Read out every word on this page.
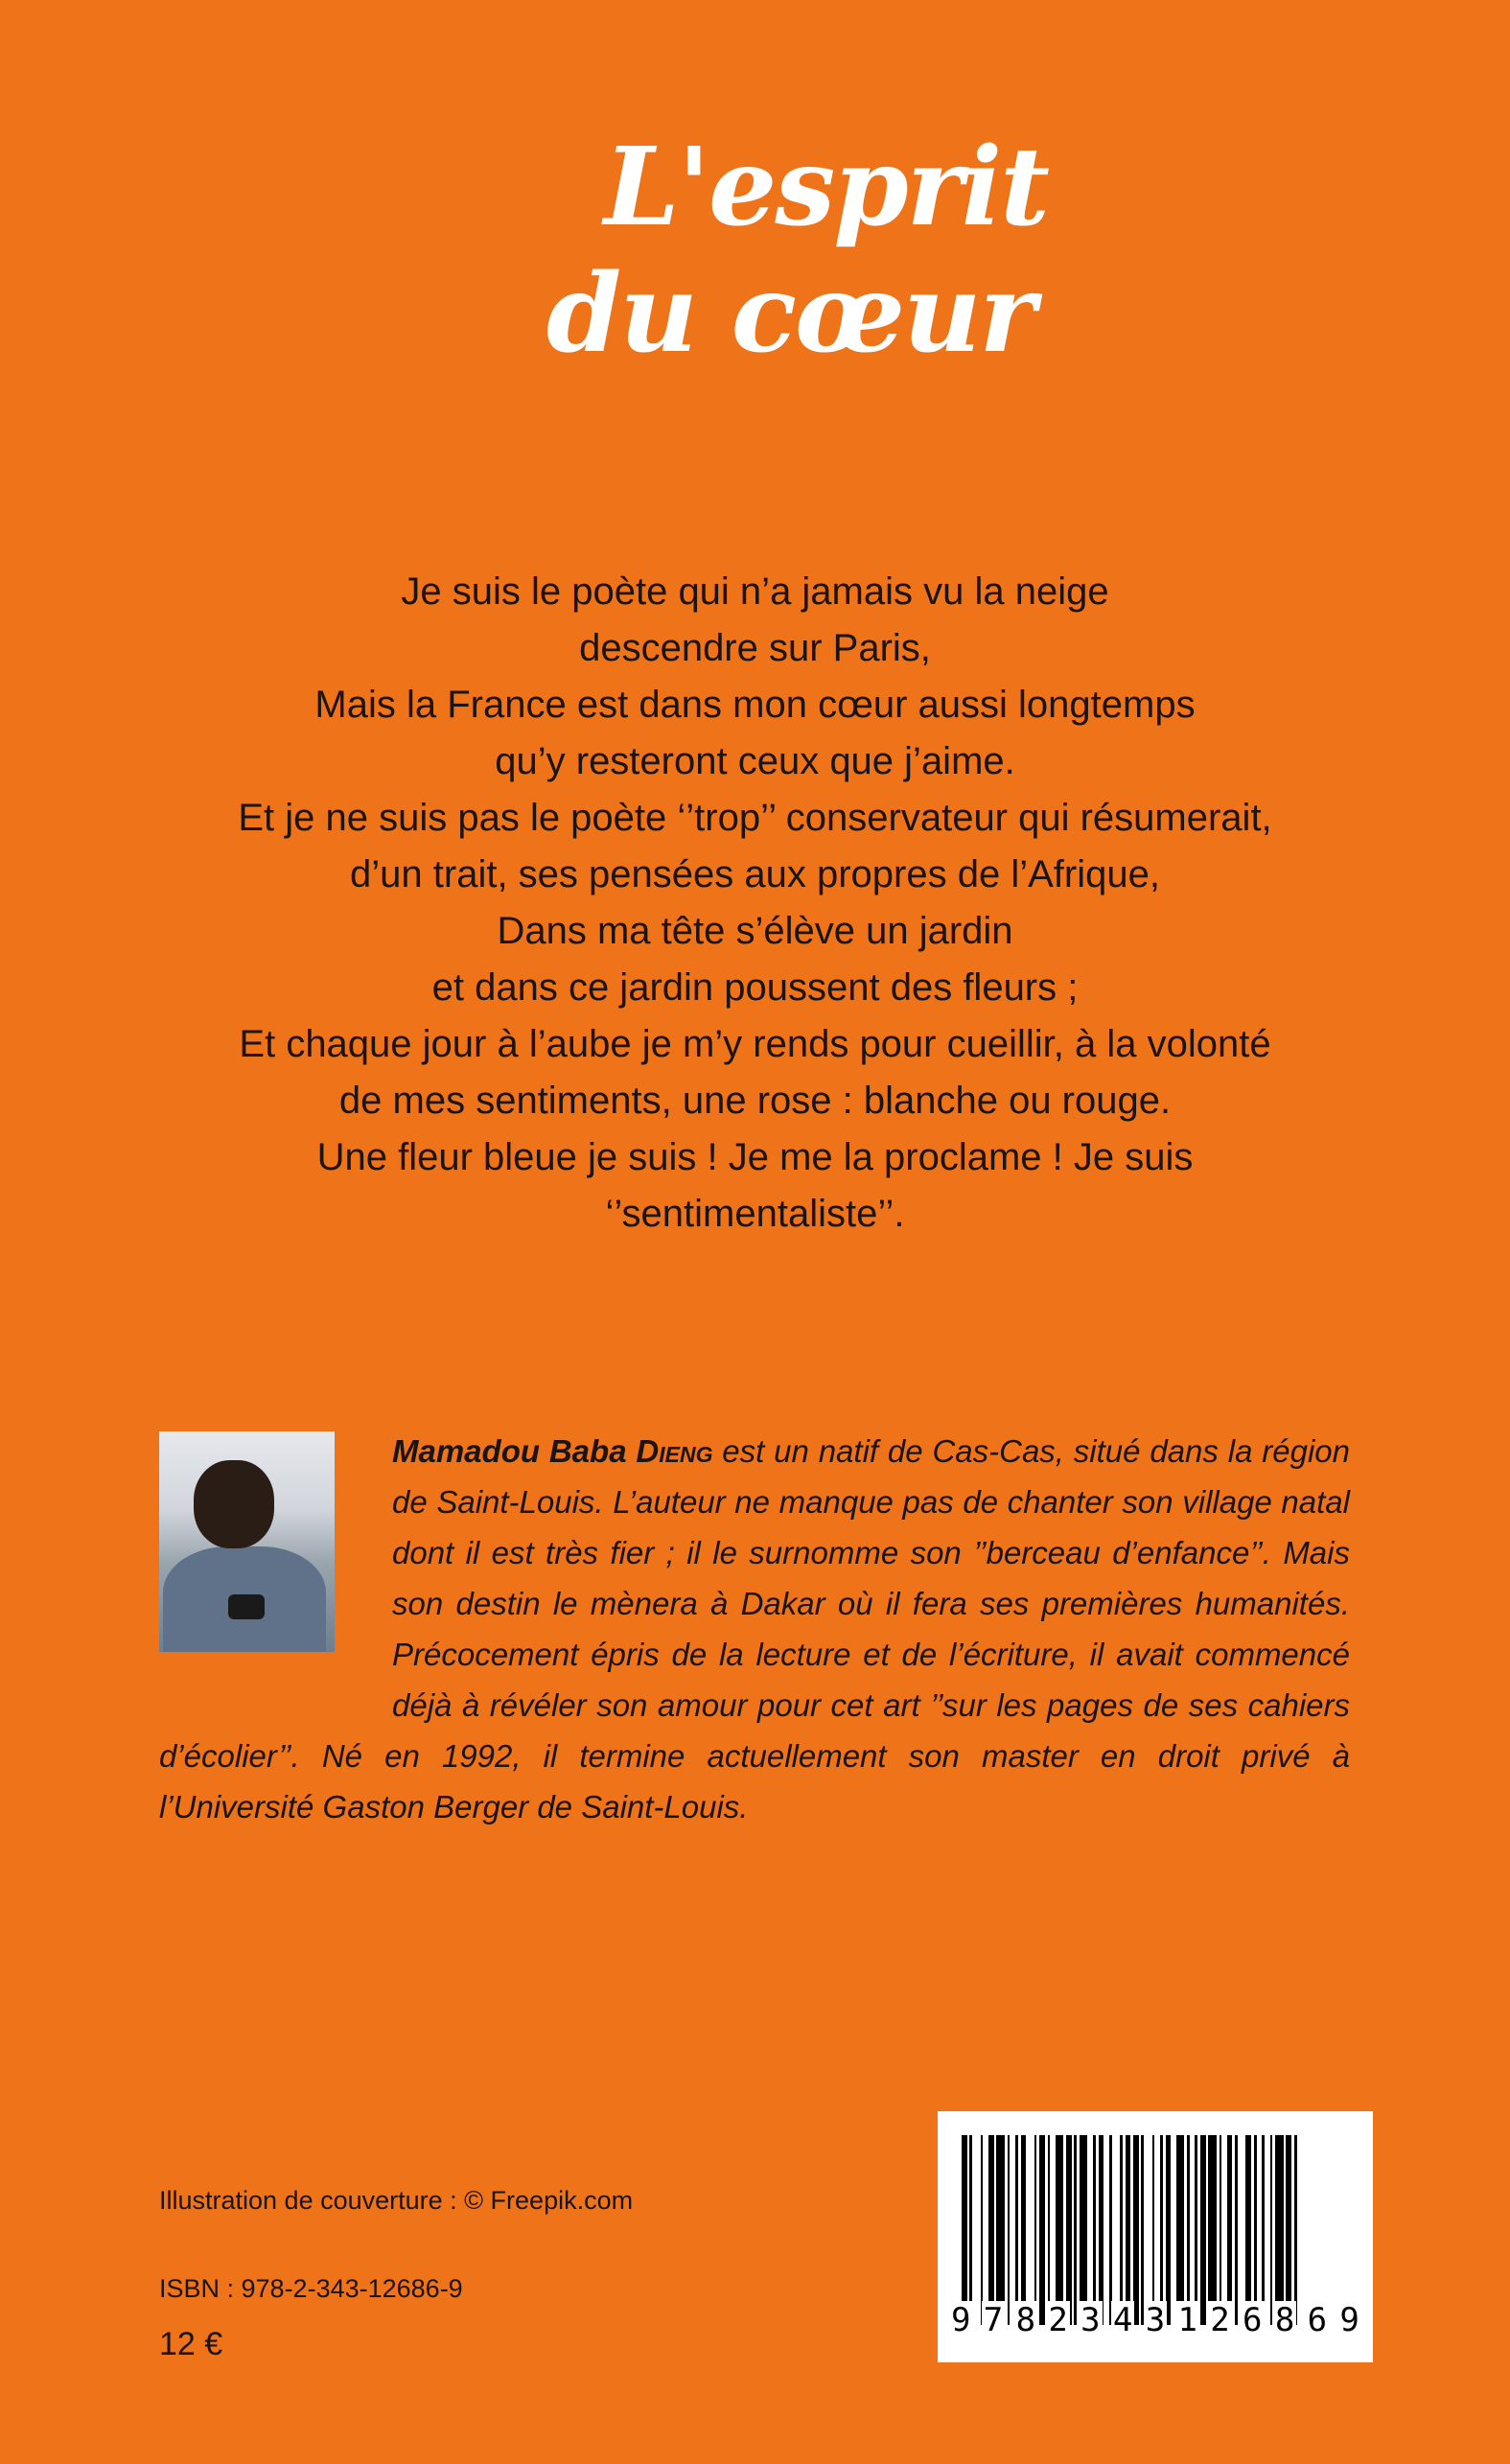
L'esprit
du cœur
Je suis le poète qui n’a jamais vu la neige
descendre sur Paris,
Mais la France est dans mon cœur aussi longtemps
qu’y resteront ceux que j’aime.
Et je ne suis pas le poète ‘’trop’’ conservateur qui résumerait,
d’un trait, ses pensées aux propres de l’Afrique,
Dans ma tête s’élève un jardin
et dans ce jardin poussent des fleurs ;
Et chaque jour à l’aube je m’y rends pour cueillir, à la volonté
de mes sentiments, une rose : blanche ou rouge.
Une fleur bleue je suis ! Je me la proclame ! Je suis
‘’sentimentaliste’’.
Mamadou Baba Dieng est un natif de Cas-Cas, situé dans la région de Saint-Louis. L’auteur ne manque pas de chanter son village natal dont il est très fier ; il le surnomme son ’’berceau d’enfance’’. Mais son destin le mènera à Dakar où il fera ses premières humanités. Précocement épris de la lecture et de l’écriture, il avait commencé déjà à révéler son amour pour cet art ’’sur les pages de ses cahiers d’écolier’’. Né en 1992, il termine actuellement son master en droit privé à l’Université Gaston Berger de Saint-Louis.
Illustration de couverture : © Freepik.com
ISBN : 978-2-343-12686-9
12 €
9 7 8 2 3 4 3 1 2 6 8 6 9
